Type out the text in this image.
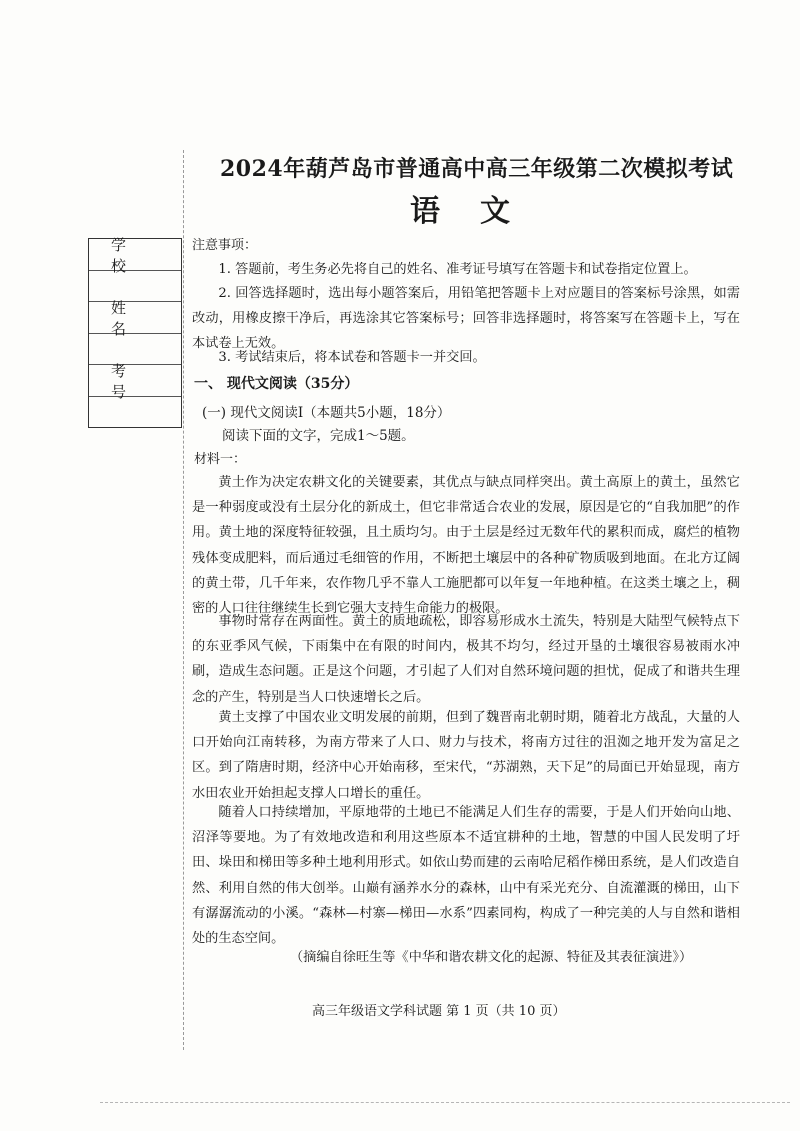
学校
姓名
考号
2024年葫芦岛市普通高中高三年级第二次模拟考试
语文
注意事项：
1. 答题前，考生务必先将自己的姓名、准考证号填写在答题卡和试卷指定位置上。
2. 回答选择题时，选出每小题答案后，用铅笔把答题卡上对应题目的答案标号涂黑，如需改动，用橡皮擦干净后，再选涂其它答案标号；回答非选择题时，将答案写在答题卡上，写在本试卷上无效。
3. 考试结束后，将本试卷和答题卡一并交回。
一、 现代文阅读（35分）
(一) 现代文阅读Ⅰ（本题共5小题，18分）
阅读下面的文字，完成1～5题。
材料一：
黄土作为决定农耕文化的关键要素，其优点与缺点同样突出。黄土高原上的黄土，虽然它是一种弱度或没有土层分化的新成土，但它非常适合农业的发展，原因是它的“自我加肥”的作用。黄土地的深度特征较强，且土质均匀。由于土层是经过无数年代的累积而成，腐烂的植物残体变成肥料，而后通过毛细管的作用，不断把土壤层中的各种矿物质吸到地面。在北方辽阔的黄土带，几千年来，农作物几乎不靠人工施肥都可以年复一年地种植。在这类土壤之上，稠密的人口往往继续生长到它强大支持生命能力的极限。
事物时常存在两面性。黄土的质地疏松，即容易形成水土流失，特别是大陆型气候特点下的东亚季风气候，下雨集中在有限的时间内，极其不均匀，经过开垦的土壤很容易被雨水冲刷，造成生态问题。正是这个问题，才引起了人们对自然环境问题的担忧，促成了和谐共生理念的产生，特别是当人口快速增长之后。
黄土支撑了中国农业文明发展的前期，但到了魏晋南北朝时期，随着北方战乱，大量的人口开始向江南转移，为南方带来了人口、财力与技术，将南方过往的沮洳之地开发为富足之区。到了隋唐时期，经济中心开始南移，至宋代，“苏湖熟，天下足”的局面已开始显现，南方水田农业开始担起支撑人口增长的重任。
随着人口持续增加，平原地带的土地已不能满足人们生存的需要，于是人们开始向山地、沼泽等要地。为了有效地改造和利用这些原本不适宜耕种的土地，智慧的中国人民发明了圩田、垛田和梯田等多种土地利用形式。如依山势而建的云南哈尼稻作梯田系统，是人们改造自然、利用自然的伟大创举。山巅有涵养水分的森林，山中有采光充分、自流灌溉的梯田，山下有潺潺流动的小溪。“森林—村寨—梯田—水系”四素同构，构成了一种完美的人与自然和谐相处的生态空间。
（摘编自徐旺生等《中华和谐农耕文化的起源、特征及其表征演进》）
高三年级语文学科试题 第 1 页（共 10 页）
